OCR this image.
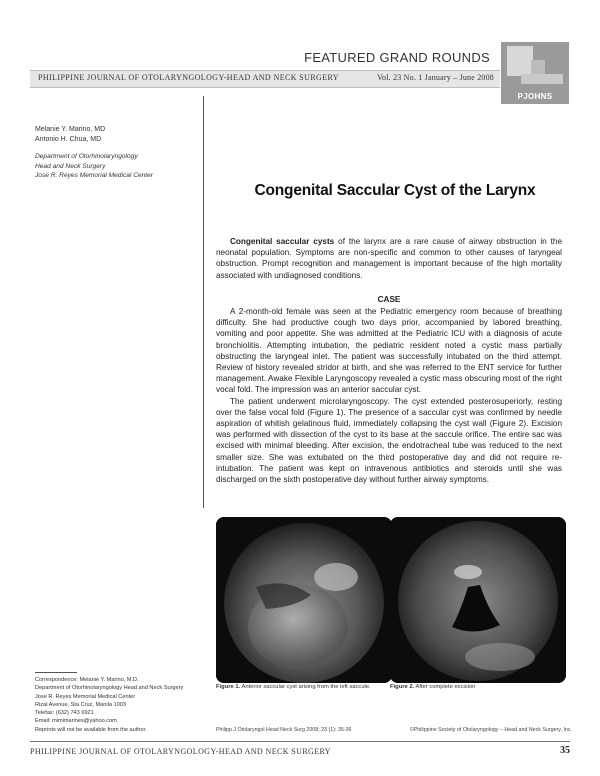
FEATURED GRAND ROUNDS
PHILIPPINE JOURNAL OF OTOLARYNGOLOGY-HEAD AND NECK SURGERY	Vol. 23 No. 1 January – June 2008
PJOHNS
Melanie Y. Marino, MD
Antonio H. Chua, MD
Department of Otorhinolaryngology
Head and Neck Surgery
Jose R. Reyes Memorial Medical Center
Congenital Saccular Cyst of the Larynx

Congenital saccular cysts of the larynx are a rare cause of airway obstruction in the neonatal population. Symptoms are non-specific and common to other causes of laryngeal obstruction. Prompt recognition and management is important because of the high mortality associated with undiagnosed conditions.

CASE

A 2-month-old female was seen at the Pediatric emergency room because of breathing difficulty. She had productive cough two days prior, accompanied by labored breathing, vomiting and poor appetite. She was admitted at the Pediatric ICU with a diagnosis of acute bronchiolitis. Attempting intubation, the pediatric resident noted a cystic mass partially obstructing the laryngeal inlet. The patient was successfully intubated on the third attempt. Review of history revealed stridor at birth, and she was referred to the ENT service for further management. Awake Flexible Laryngoscopy revealed a cystic mass obscuring most of the right vocal fold. The impression was an anterior saccular cyst.

The patient underwent microlaryngoscopy. The cyst extended posterosuperiorly, resting over the false vocal fold (Figure 1). The presence of a saccular cyst was confirmed by needle aspiration of whitish gelatinous fluid, immediately collapsing the cyst wall (Figure 2). Excision was performed with dissection of the cyst to its base at the saccule orifice. The entire sac was excised with minimal bleeding. After excision, the endotracheal tube was reduced to the next smaller size. She was extubated on the third postoperative day and did not require re-intubation. The patient was kept on intravenous antibiotics and steroids until she was discharged on the sixth postoperative day without further airway symptoms.

Figure 1. Anterior saccular cyst arising from the left saccule.	Figure 2. After complete excision
Correspondence: Melanie Y. Marino, M.D.
Department of Otorhinolaryngology Head and Neck Surgery
Jose R. Reyes Memorial Medical Center
Rizal Avenue, Sta Cruz, Manila 1003
Telefax: (632) 743 6921
Email: mimimarines@yahoo.com
Reprints will not be available from the author.	Philipp J Otolaryngol Head Neck Surg 2008; 23 (1): 35-36	©Philippine Society of Otolaryngology – Head and Neck Surgery, Inc.
PHILIPPINE JOURNAL OF OTOLARYNGOLOGY-HEAD AND NECK SURGERY	35
